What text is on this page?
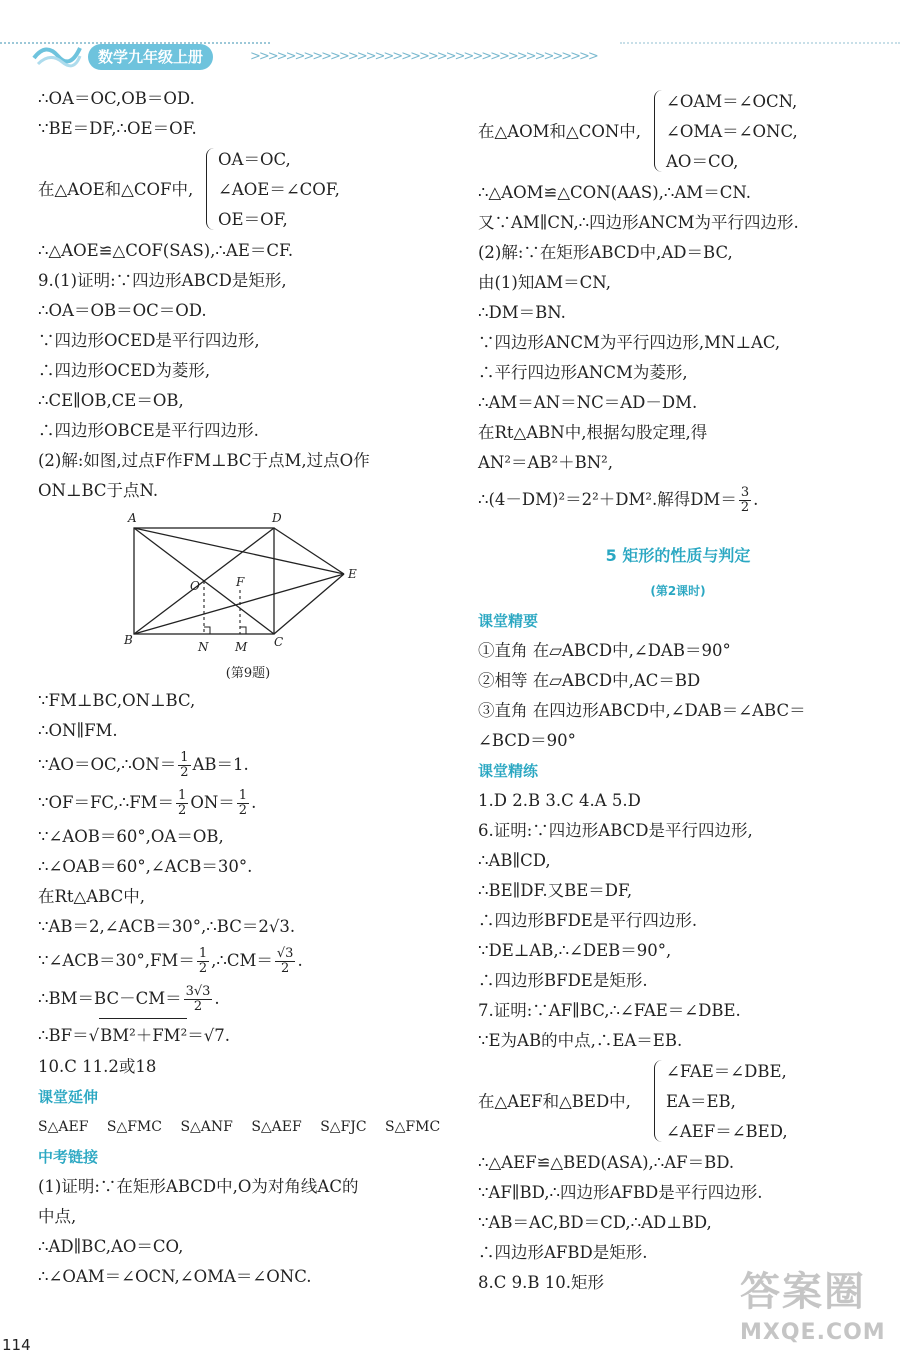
数学九年级上册	>>>>>>>>>>>>>>>>>>>>>>>>>>>>>>>>>>>>>>>
∴OA＝OC,OB＝OD.
∵BE＝DF,∴OE＝OF.
在△AOE和△COF中,
OA＝OC,
∠AOE＝∠COF,
OE＝OF,
∴△AOE≌△COF(SAS),∴AE＝CF.
9.(1)证明:∵四边形ABCD是矩形,
∴OA＝OB＝OC＝OD.
∵四边形OCED是平行四边形,
∴四边形OCED为菱形,
∴CE∥OB,CE＝OB,
∴四边形OBCE是平行四边形.
(2)解:如图,过点F作FM⊥BC于点M,过点O作
ON⊥BC于点N.
A	D
E
O	F
B	N M C
(第9题)
∵FM⊥BC,ON⊥BC,
∴ON∥FM.
∵AO＝OC,∴ON＝ $\frac{1}{2} AB=1$.
∵OF＝FC,∴FM＝ $\frac{1}{2} ON= \frac{1}{2}$ .
∵∠AOB＝60°,OA＝OB,
∴∠OAB＝60°,∠ACB＝30°.
在Rt△ABC中,
∵AB＝2,∠ACB＝30°,∴BC＝2√3.
∵∠ACB＝30°,FM＝ $\frac{1}{2}$ ,∴CM＝ $\frac{√3}{2}$ .
∴BM＝BC－CM＝ $\frac{3√3}{2}$ .
∴BF＝√BM²＋FM²＝√7.
10.C 11.2或18
课堂延伸
S△AEF S△FMC S△ANF S△AEF S△FJC S△FMC
中考链接
(1)证明:∵在矩形ABCD中,O为对角线AC的
中点,
∴AD∥BC,AO＝CO,
∴∠OAM＝∠OCN,∠OMA＝∠ONC.
在△AOM和△CON中,
∠OAM＝∠OCN,
∠OMA＝∠ONC,
AO＝CO,
∴△AOM≌△CON(AAS),∴AM＝CN.
又∵AM∥CN,∴四边形ANCM为平行四边形.
(2)解:∵在矩形ABCD中,AD＝BC,
由(1)知AM＝CN,
∴DM＝BN.
∵四边形ANCM为平行四边形,MN⊥AC,
∴平行四边形ANCM为菱形,
∴AM＝AN＝NC＝AD－DM.
在Rt△ABN中,根据勾股定理,得
AN²＝AB²＋BN²,
∴(4－DM)²＝2²＋DM².解得$DM= \frac{3}{2}$ .
5 矩形的性质与判定
(第2课时)
课堂精要
①直角 在▱ABCD中,∠DAB＝90°
②相等 在▱ABCD中,AC＝BD
③直角 在四边形ABCD中,∠DAB＝∠ABC＝
∠BCD＝90°
课堂精练
1.D 2.B 3.C 4.A 5.D
6.证明:∵四边形ABCD是平行四边形,
∴AB∥CD,
∴BE∥DF.又BE＝DF,
∴四边形BFDE是平行四边形.
∵DE⊥AB,∴∠DEB＝90°,
∴四边形BFDE是矩形.
7.证明:∵AF∥BC,∴∠FAE＝∠DBE.
∵E为AB的中点,∴EA＝EB.
在△AEF和△BED中,
∠FAE＝∠DBE,
EA＝EB,
∠AEF＝∠BED,
∴△AEF≌△BED(ASA),∴AF＝BD.
∵AF∥BD,∴四边形AFBD是平行四边形.
∵AB＝AC,BD＝CD,∴AD⊥BD,
∴四边形AFBD是矩形.
8.C 9.B 10.矩形
114
答案圈
MXQE.COM
